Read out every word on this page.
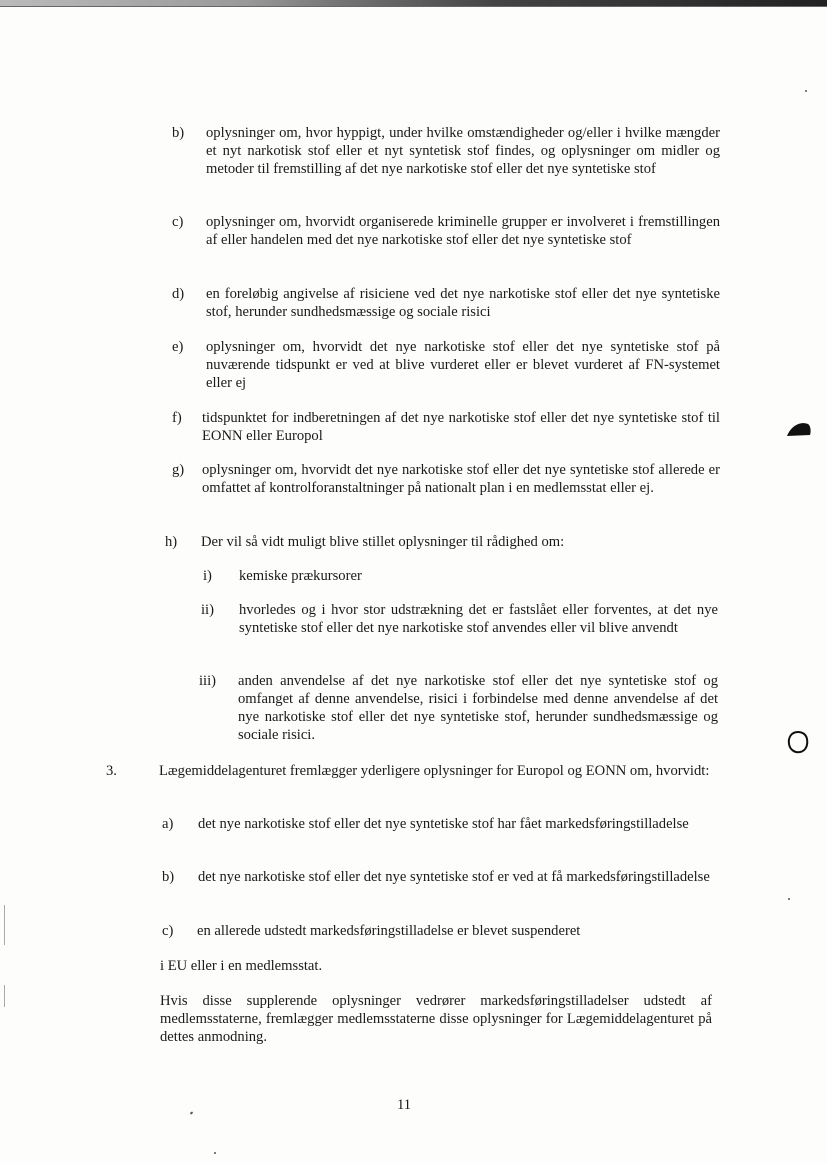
b) oplysninger om, hvor hyppigt, under hvilke omstændigheder og/eller i hvilke mængder et nyt narkotisk stof eller et nyt syntetisk stof findes, og oplysninger om midler og metoder til fremstilling af det nye narkotiske stof eller det nye syntetiske stof
c) oplysninger om, hvorvidt organiserede kriminelle grupper er involveret i fremstillingen af eller handelen med det nye narkotiske stof eller det nye syntetiske stof
d) en foreløbig angivelse af risiciene ved det nye narkotiske stof eller det nye syntetiske stof, herunder sundhedsmæssige og sociale risici
e) oplysninger om, hvorvidt det nye narkotiske stof eller det nye syntetiske stof på nuværende tidspunkt er ved at blive vurderet eller er blevet vurderet af FN-systemet eller ej
f) tidspunktet for indberetningen af det nye narkotiske stof eller det nye syntetiske stof til EONN eller Europol
g) oplysninger om, hvorvidt det nye narkotiske stof eller det nye syntetiske stof allerede er omfattet af kontrolforanstaltninger på nationalt plan i en medlemsstat eller ej.
h) Der vil så vidt muligt blive stillet oplysninger til rådighed om:
i) kemiske prækursorer
ii) hvorledes og i hvor stor udstrækning det er fastslået eller forventes, at det nye syntetiske stof eller det nye narkotiske stof anvendes eller vil blive anvendt
iii) anden anvendelse af det nye narkotiske stof eller det nye syntetiske stof og omfanget af denne anvendelse, risici i forbindelse med denne anvendelse af det nye narkotiske stof eller det nye syntetiske stof, herunder sundhedsmæssige og sociale risici.
3.	Lægemiddelagenturet fremlægger yderligere oplysninger for Europol og EONN om, hvorvidt:
a) det nye narkotiske stof eller det nye syntetiske stof har fået markedsføringstilladelse
b) det nye narkotiske stof eller det nye syntetiske stof er ved at få markedsføringstilladelse
c) en allerede udstedt markedsføringstilladelse er blevet suspenderet
i EU eller i en medlemsstat.
Hvis disse supplerende oplysninger vedrører markedsføringstilladelser udstedt af medlemsstaterne, fremlægger medlemsstaterne disse oplysninger for Lægemiddelagenturet på dettes anmodning.
11
